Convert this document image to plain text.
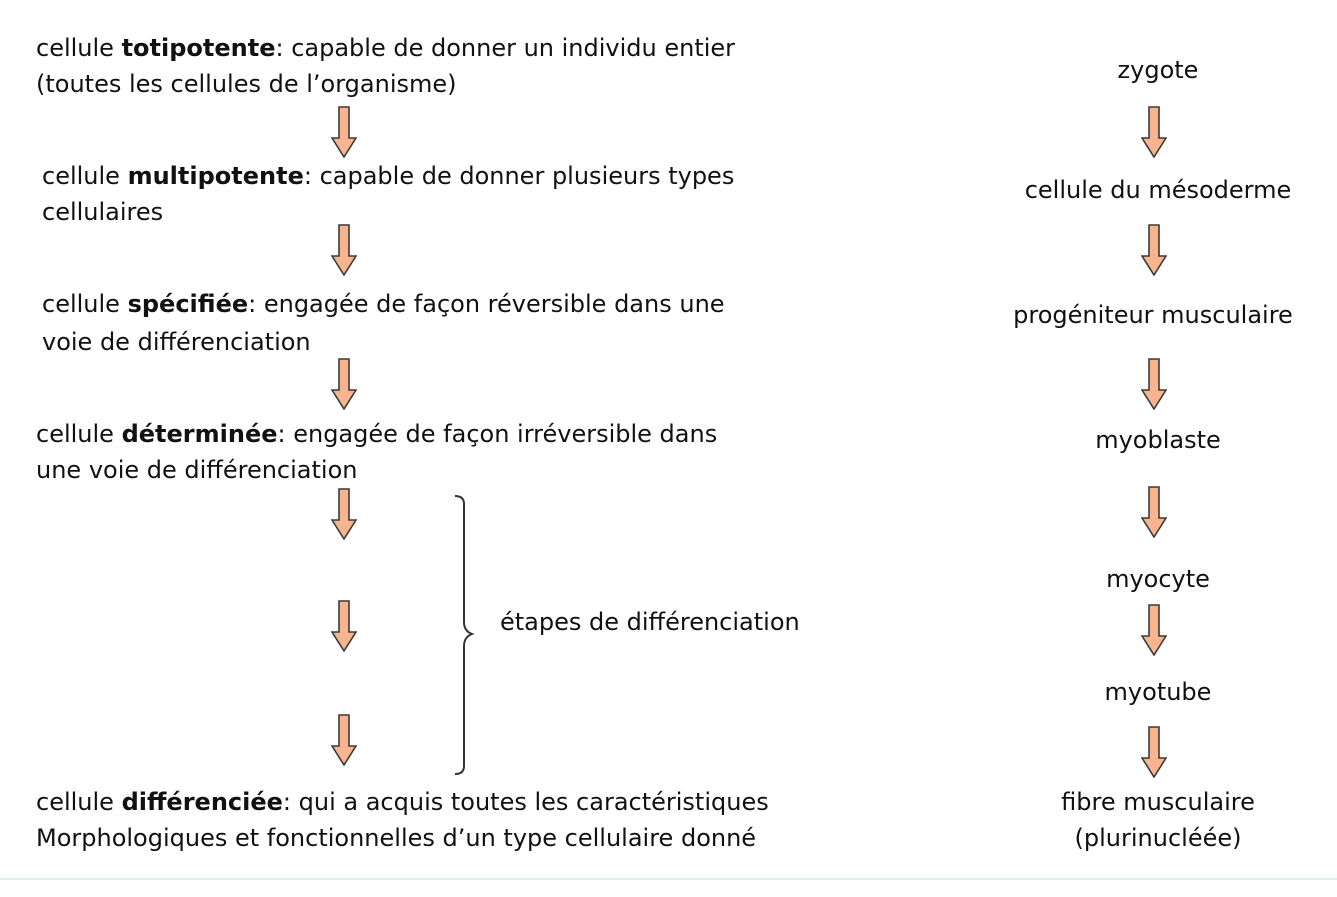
cellule totipotente: capable de donner un individu entier
(toutes les cellules de l’organisme)
cellule multipotente: capable de donner plusieurs types
cellulaires
cellule spécifiée: engagée de façon réversible dans une
voie de différenciation
cellule déterminée: engagée de façon irréversible dans
une voie de différenciation
étapes de différenciation
cellule différenciée: qui a acquis toutes les caractéristiques
Morphologiques et fonctionnelles d’un type cellulaire donné
zygote
cellule du mésoderme
progéniteur musculaire
myoblaste
myocyte
myotube
fibre musculaire
(plurinucléée)
